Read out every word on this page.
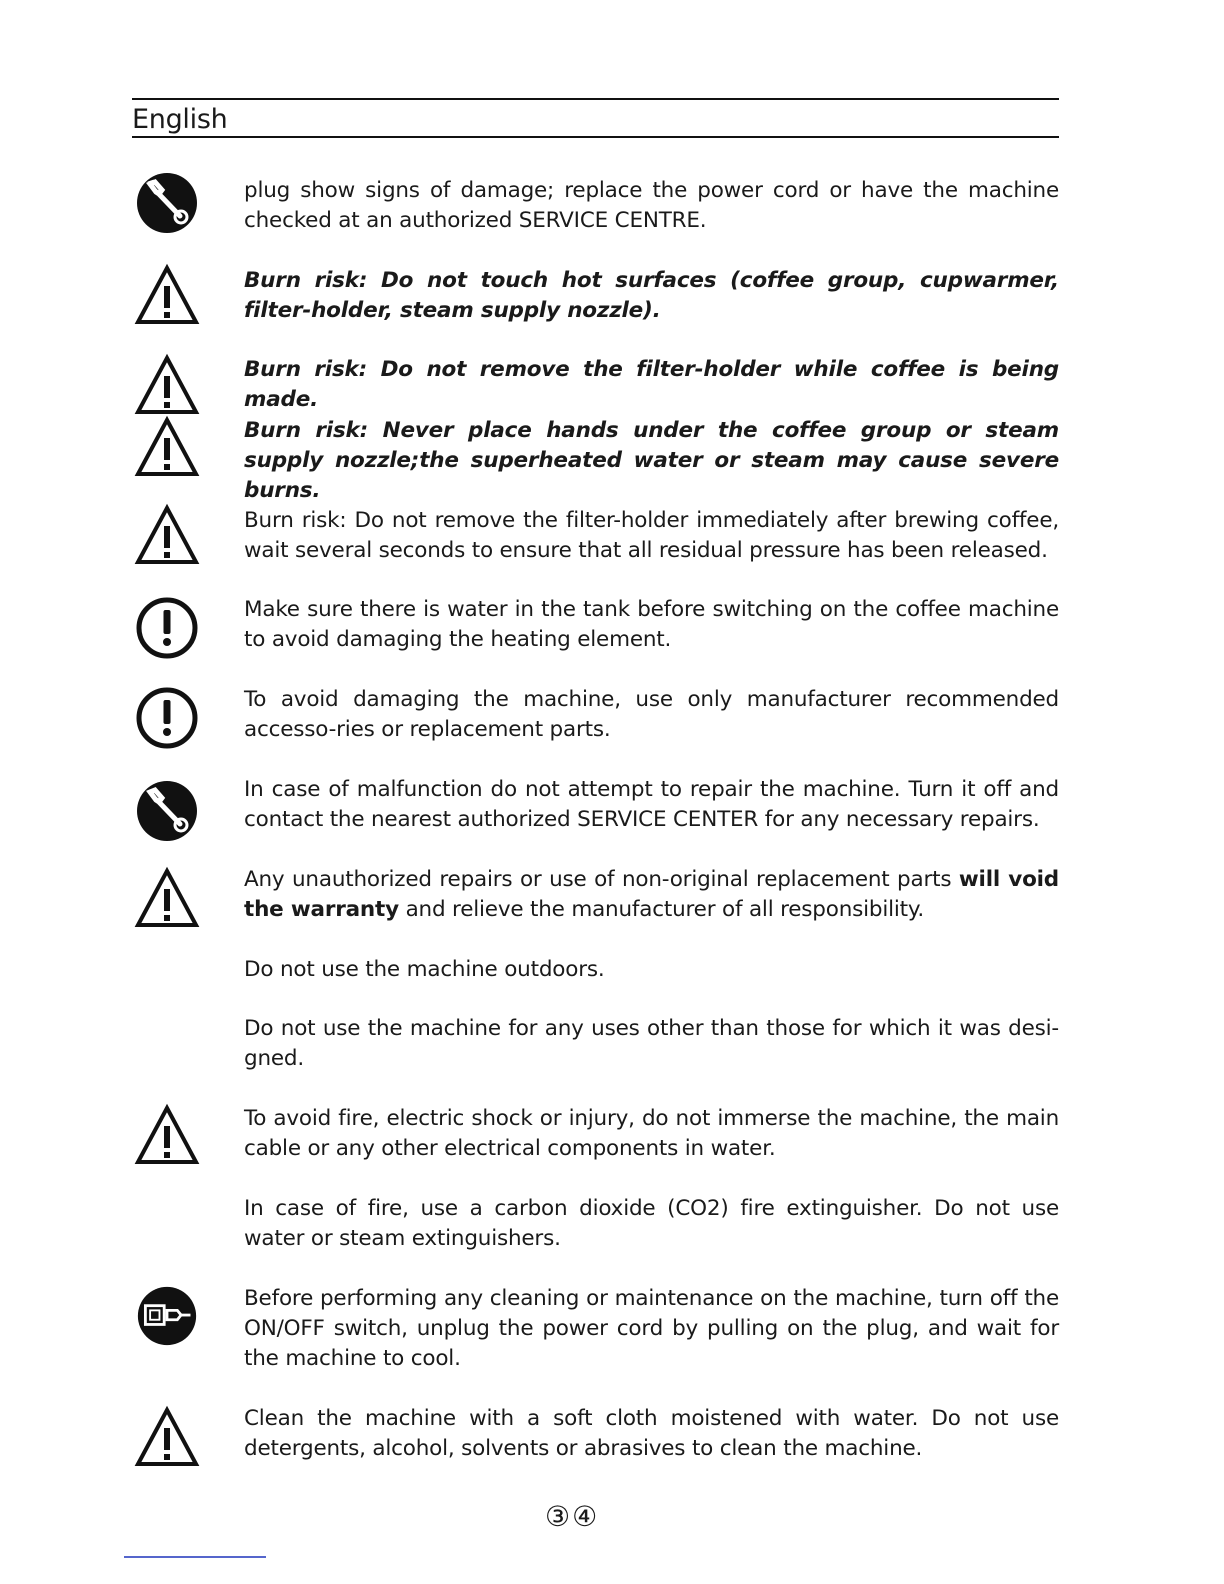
English
plug show signs of damage; replace the power cord or have the machine checked at an authorized SERVICE CENTRE.
Burn risk: Do not touch hot surfaces (coffee group, cupwarmer, filter-holder, steam supply nozzle).
Burn risk: Do not remove the filter-holder while coffee is being made.
Burn risk: Never place hands under the coffee group or steam supply nozzle;the superheated water or steam may cause severe burns.
Burn risk: Do not remove the filter-holder immediately after brewing coffee, wait several seconds to ensure that all residual pressure has been released.
Make sure there is water in the tank before switching on the coffee machine to avoid damaging the heating element.
To avoid damaging the machine, use only manufacturer recommended accesso-ries or replacement parts.
In case of malfunction do not attempt to repair the machine. Turn it off and contact the nearest authorized SERVICE CENTER for any necessary repairs.
Any unauthorized repairs or use of non-original replacement parts will void the warranty and relieve the manufacturer of all responsibility.
Do not use the machine outdoors.
Do not use the machine for any uses other than those for which it was desi-gned.
To avoid fire, electric shock or injury, do not immerse the machine, the main cable or any other electrical components in water.
In case of fire, use a carbon dioxide (CO2) fire extinguisher. Do not use water or steam extinguishers.
Before performing any cleaning or maintenance on the machine, turn off the ON/OFF switch, unplug the power cord by pulling on the plug, and wait for the machine to cool.
Clean the machine with a soft cloth moistened with water. Do not use detergents, alcohol, solvents or abrasives to clean the machine.
③④
